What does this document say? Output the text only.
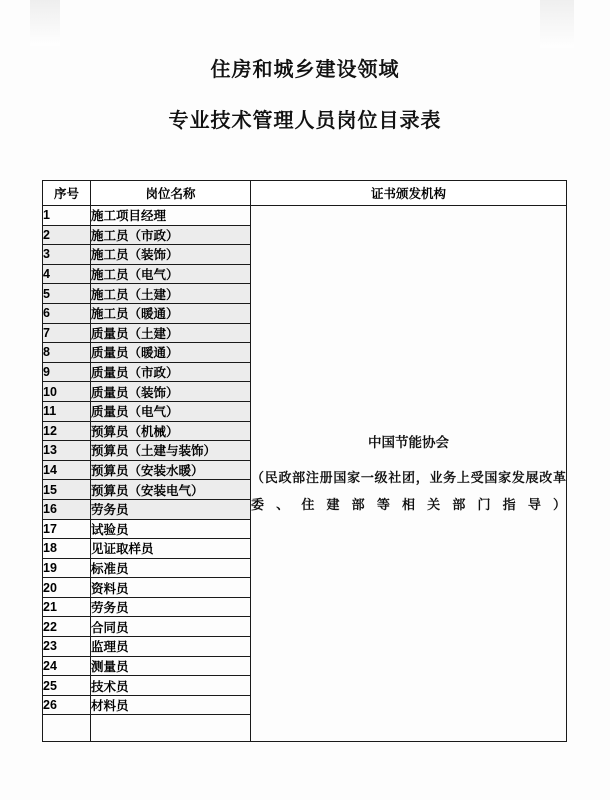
住房和城乡建设领域
专业技术管理人员岗位目录表
序号	岗位名称	证书颁发机构
1	施工项目经理	中国节能协会
（民政部注册国家一级社团，业务上受国家发展改革委、住建部等相关部门指导）

2	施工员（市政）	
3	施工员（装饰）	
4	施工员（电气）	
5	施工员（土建）	
6	施工员（暖通）	
7	质量员（土建）	
8	质量员（暖通）	
9	质量员（市政）	
10	质量员（装饰）	
11	质量员（电气）	
12	预算员（机械）	
13	预算员（土建与装饰）	
14	预算员（安装水暖）	
15	预算员（安装电气）	
16	劳务员	
17	试验员	
18	见证取样员	
19	标准员	
20	资料员	
21	劳务员	
22	合同员	
23	监理员	
24	测量员	
25	技术员	
26	材料员	
